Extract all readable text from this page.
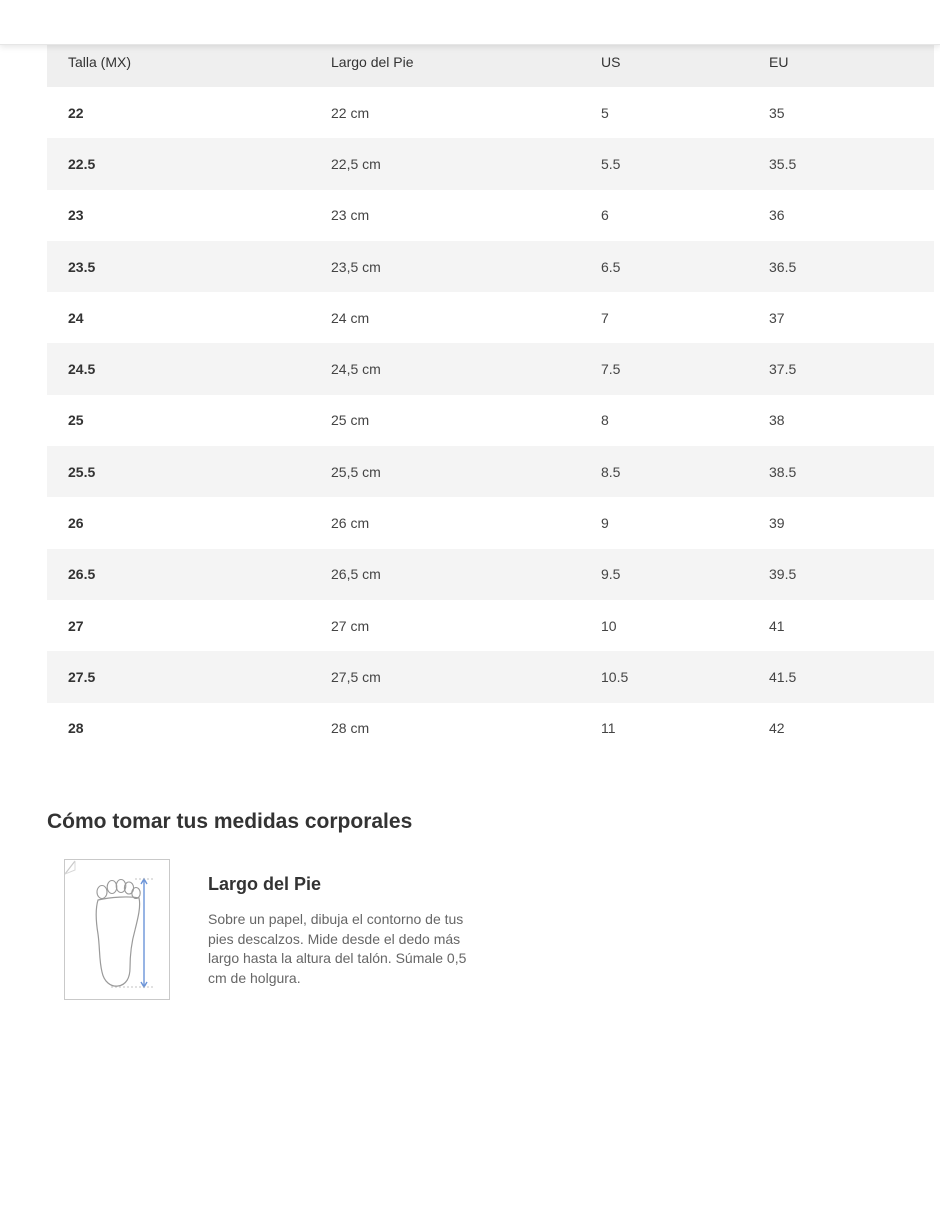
Talla (MX)	Largo del Pie	US	EU
22	22 cm	5	35
22.5	22,5 cm	5.5	35.5
23	23 cm	6	36
23.5	23,5 cm	6.5	36.5
24	24 cm	7	37
24.5	24,5 cm	7.5	37.5
25	25 cm	8	38
25.5	25,5 cm	8.5	38.5
26	26 cm	9	39
26.5	26,5 cm	9.5	39.5
27	27 cm	10	41
27.5	27,5 cm	10.5	41.5
28	28 cm	11	42
Cómo tomar tus medidas corporales
Largo del Pie

Sobre un papel, dibuja el contorno de tus pies descalzos. Mide desde el dedo más largo hasta la altura del talón. Súmale 0,5 cm de holgura.
